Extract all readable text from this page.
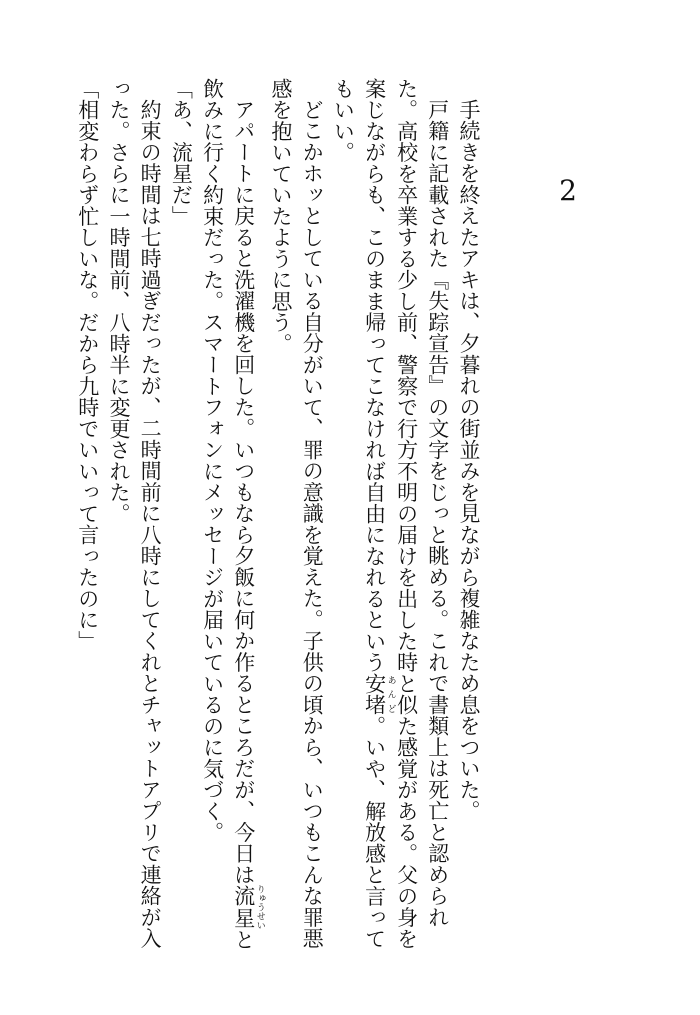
2

手続きを終えたアキは、夕暮れの街並みを見ながら複雑なため息をついた。

戸籍に記載された『失踪宣告』の文字をじっと眺める。これで書類上は死亡と認められた。高校を卒業する少し前、警察で行方不明の届けを出した時と似た感覚がある。父の身を案じながらも、このまま帰ってこなければ自由になれるという安堵 あんど。いや、解放感と言ってもいい。

どこかホッとしている自分がいて、罪の意識を覚えた。子供の頃から、いつもこんな罪悪感を抱いていたように思う。

アパートに戻ると洗濯機を回した。いつもなら夕飯に何か作るところだが、今日は流星 りゅうせいと飲みに行く約束だった。スマートフォンにメッセージが届いているのに気づく。

「あ、流星だ」

約束の時間は七時過ぎだったが、二時間前に八時にしてくれとチャットアプリで連絡が入った。さらに一時間前、八時半に変更された。

「相変わらず忙しいな。だから九時でいいって言ったのに」
